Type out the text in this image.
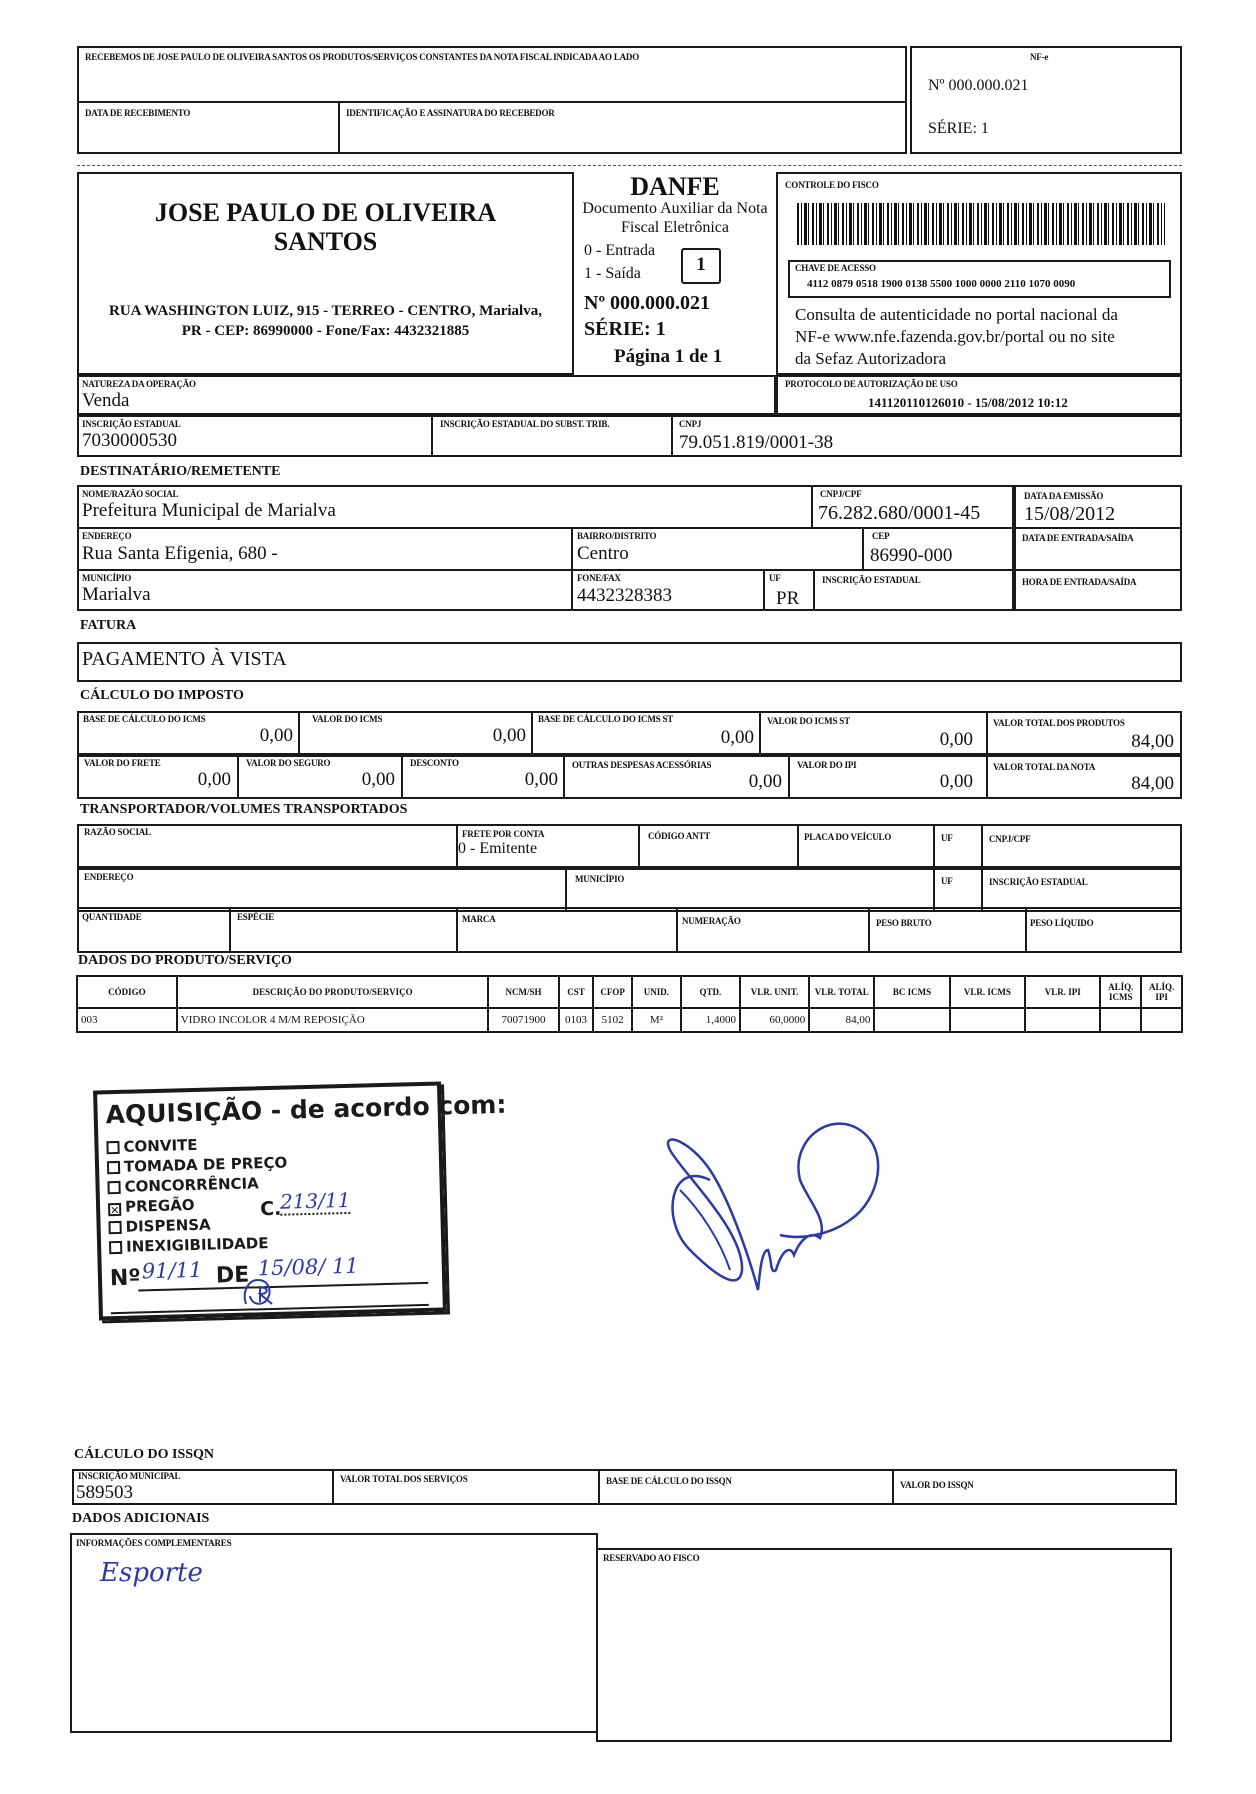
RECEBEMOS DE JOSE PAULO DE OLIVEIRA SANTOS OS PRODUTOS/SERVIÇOS CONSTANTES DA NOTA FISCAL INDICADA AO LADO
DATA DE RECEBIMENTO	IDENTIFICAÇÃO E ASSINATURA DO RECEBEDOR
NF-e
Nº 000.000.021
SÉRIE: 1
JOSE PAULO DE OLIVEIRA
SANTOS
RUA WASHINGTON LUIZ, 915 - TERREO - CENTRO, Marialva,
PR - CEP: 86990000 - Fone/Fax: 4432321885
DANFE
Documento Auxiliar da Nota
Fiscal Eletrônica
0 - Entrada
1 - Saída	1
Nº 000.000.021
SÉRIE: 1
Página 1 de 1
CONTROLE DO FISCO
CHAVE DE ACESSO
4112 0879 0518 1900 0138 5500 1000 0000 2110 1070 0090
Consulta de autenticidade no portal nacional da
NF-e www.nfe.fazenda.gov.br/portal ou no site
da Sefaz Autorizadora
NATUREZA DA OPERAÇÃO
Venda
PROTOCOLO DE AUTORIZAÇÃO DE USO
141120110126010 - 15/08/2012 10:12
INSCRIÇÃO ESTADUAL
7030000530
INSCRIÇÃO ESTADUAL DO SUBST. TRIB.	CNPJ
79.051.819/0001-38
DESTINATÁRIO/REMETENTE
NOME/RAZÃO SOCIAL
Prefeitura Municipal de Marialva
CNPJ/CPF
76.282.680/0001-45
ENDEREÇO
Rua Santa Efigenia, 680 -
BAIRRO/DISTRITO
Centro
CEP
86990-000
MUNICÍPIO
Marialva
FONE/FAX
4432328383
UF
PR
INSCRIÇÃO ESTADUAL
DATA DA EMISSÃO
15/08/2012
DATA DE ENTRADA/SAÍDA
HORA DE ENTRADA/SAÍDA
FATURA
PAGAMENTO À VISTA
CÁLCULO DO IMPOSTO
BASE DE CÁLCULO DO ICMS
0,00
VALOR DO ICMS
0,00
BASE DE CÁLCULO DO ICMS ST
0,00
VALOR DO ICMS ST
0,00
VALOR TOTAL DOS PRODUTOS
84,00
VALOR DO FRETE
0,00
VALOR DO SEGURO
0,00
DESCONTO
0,00
OUTRAS DESPESAS ACESSÓRIAS
0,00
VALOR DO IPI
0,00
VALOR TOTAL DA NOTA
84,00
TRANSPORTADOR/VOLUMES TRANSPORTADOS
RAZÃO SOCIAL	FRETE POR CONTA
0 - Emitente
CÓDIGO ANTT	PLACA DO VEÍCULO	UF	CNPJ/CPF
ENDEREÇO	MUNICÍPIO	UF	INSCRIÇÃO ESTADUAL
QUANTIDADE	ESPÉCIE	MARCA	NUMERAÇÃO	PESO BRUTO	PESO LÍQUIDO
DADOS DO PRODUTO/SERVIÇO
CÓDIGO	DESCRIÇÃO DO PRODUTO/SERVIÇO	NCM/SH	CST	CFOP	UNID.	QTD.	VLR. UNIT.	VLR. TOTAL	BC ICMS	VLR. ICMS	VLR. IPI	ALÍQ. ICMS	ALÍQ. IPI
003	VIDRO INCOLOR 4 M/M REPOSIÇÃO	70071900	0103	5102	M²	1,4000	60,0000	84,00					
AQUISIÇÃO - de acordo com:
CONVITE
TOMADA DE PREÇO
CONCORRÊNCIA
✕ PREGÃO
DISPENSA
INEXIGIBILIDADE
C.
213/11
Nº 91/11 DE 15/08/ 11
CÁLCULO DO ISSQN
INSCRIÇÃO MUNICIPAL
589503
VALOR TOTAL DOS SERVIÇOS	BASE DE CÁLCULO DO ISSQN	VALOR DO ISSQN
DADOS ADICIONAIS
INFORMAÇÕES COMPLEMENTARES
Esporte	RESERVADO AO FISCO
